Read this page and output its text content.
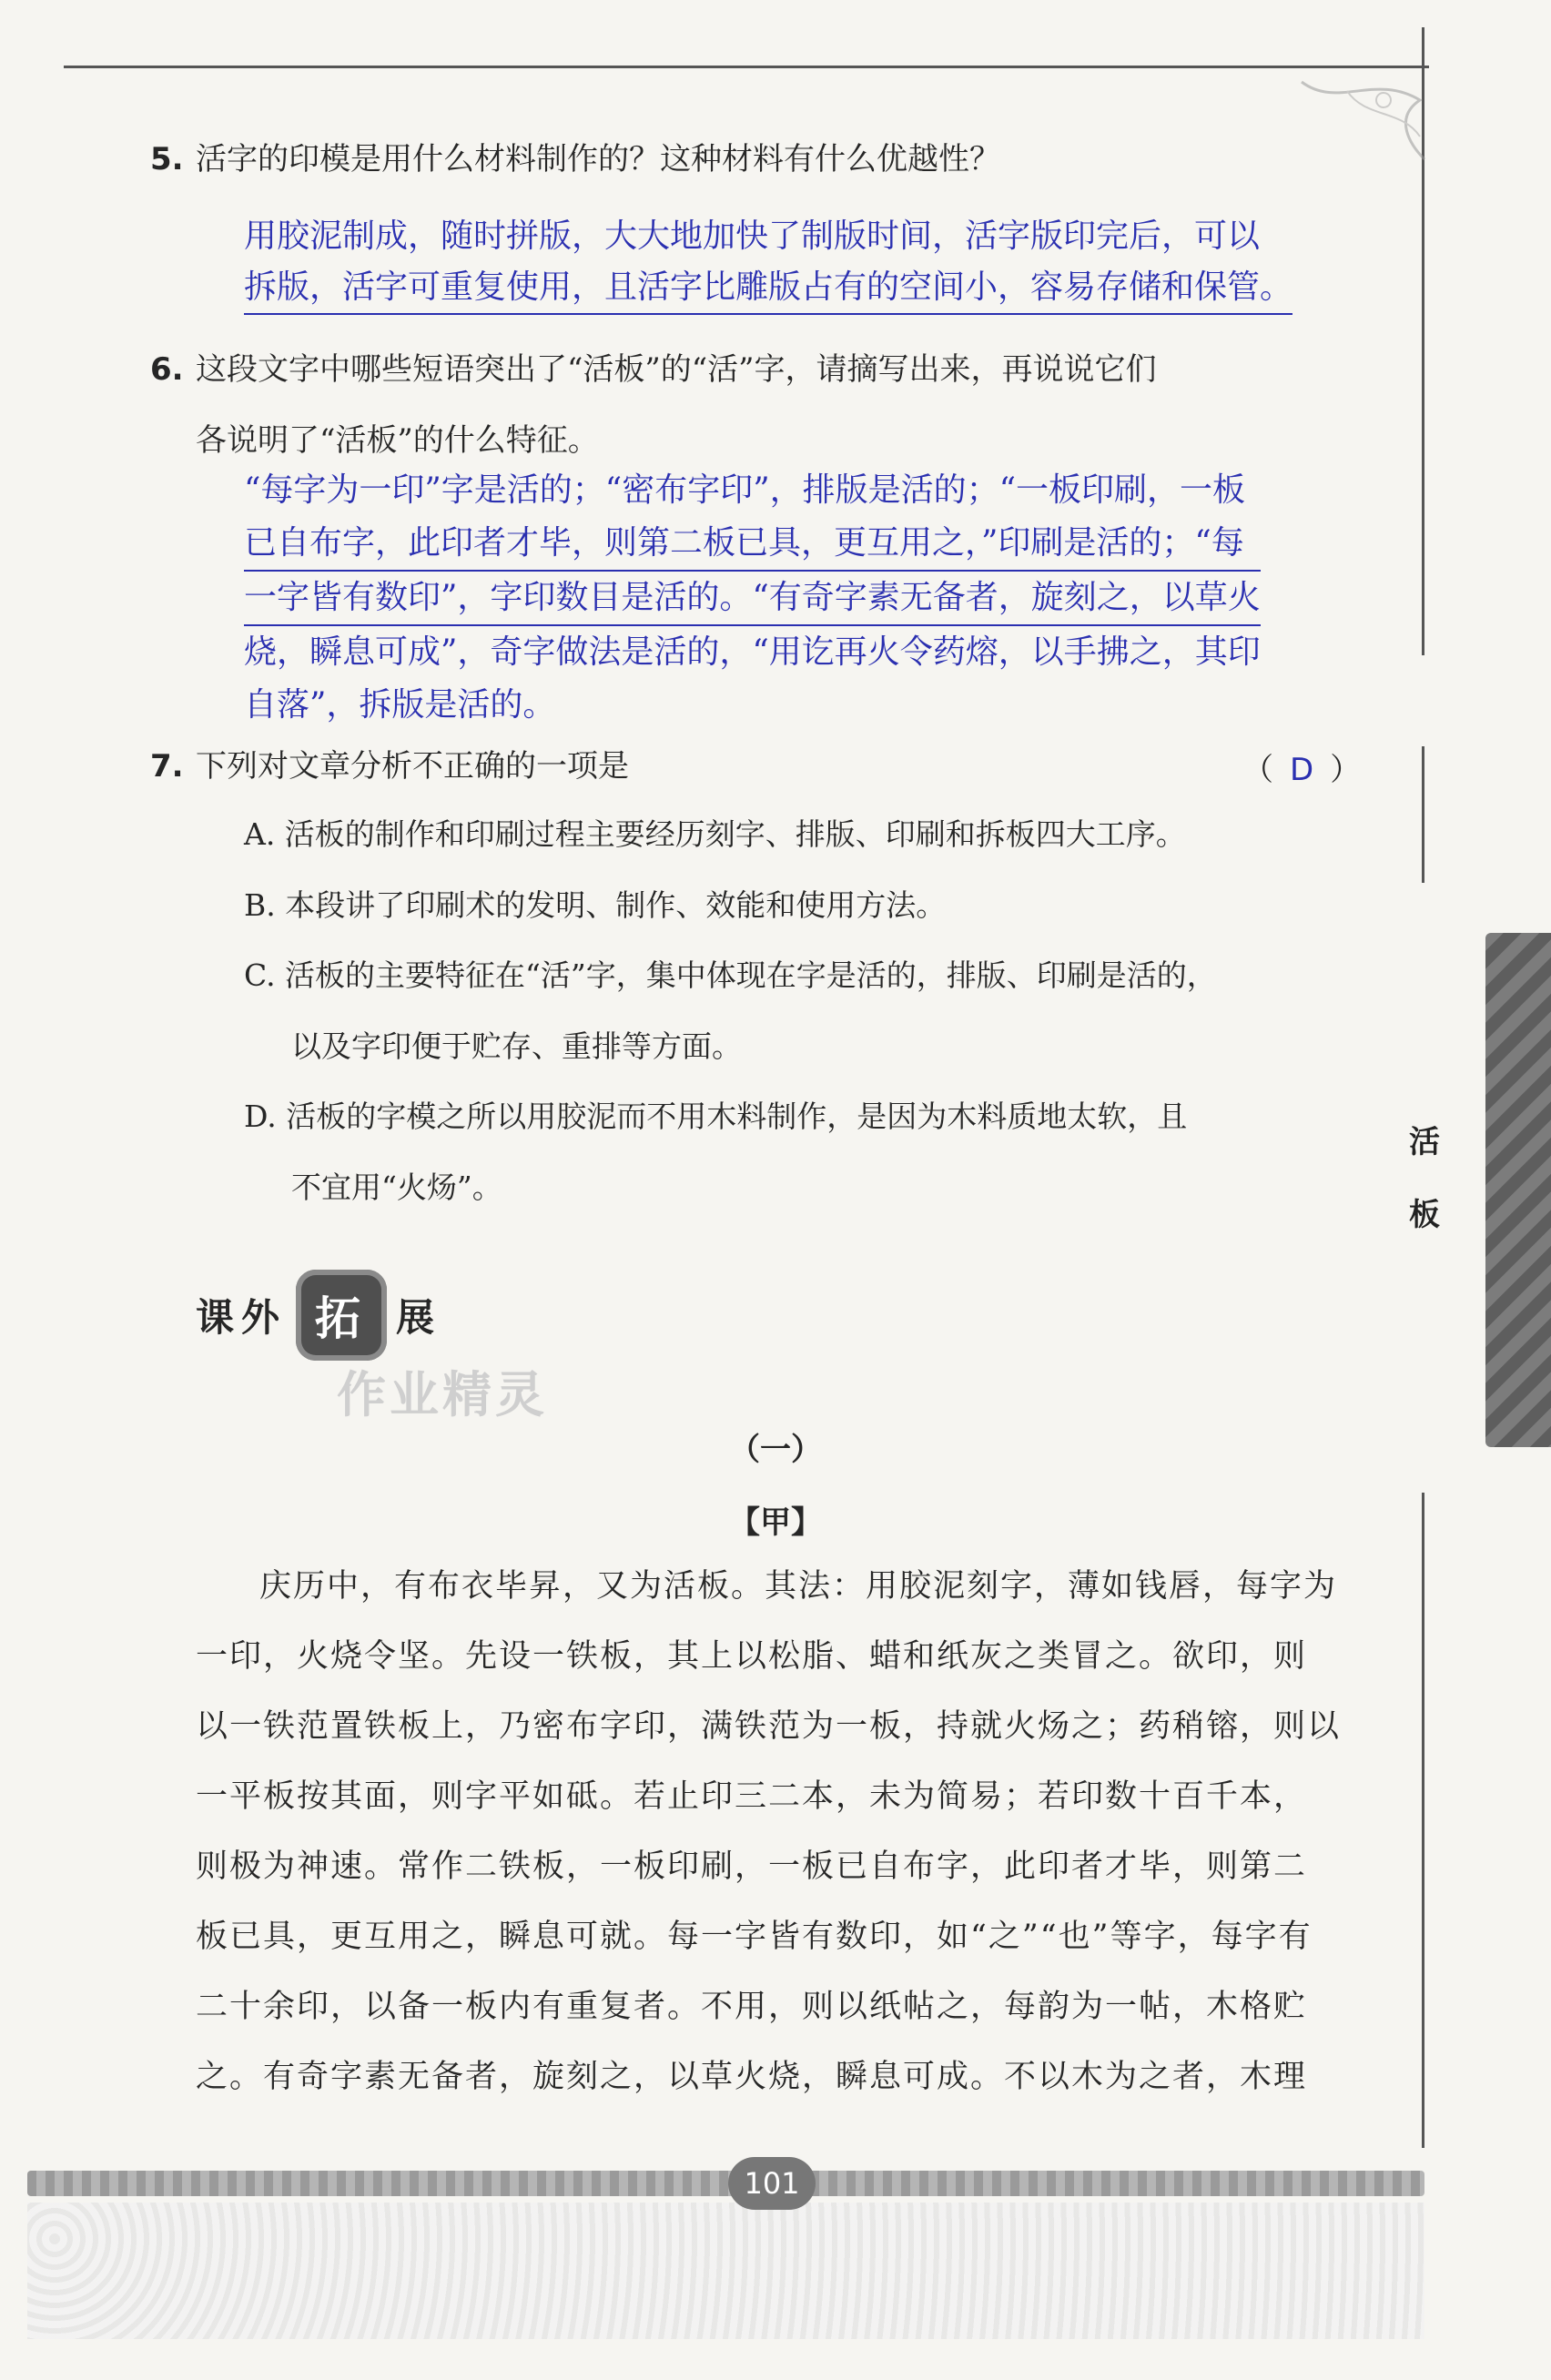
活
板
5. 活字的印模是用什么材料制作的？这种材料有什么优越性？
用胶泥制成，随时拼版，大大地加快了制版时间，活字版印完后，可以
拆版，活字可重复使用，且活字比雕版占有的空间小，容易存储和保管。
6. 这段文字中哪些短语突出了“活板”的“活”字，请摘写出来，再说说它们
各说明了“活板”的什么特征。
“每字为一印”字是活的；“密布字印”，排版是活的；“一板印刷，一板
已自布字，此印者才毕，则第二板已具，更互用之，”印刷是活的；“每
一字皆有数印”，字印数目是活的。“有奇字素无备者，旋刻之，以草火
烧，瞬息可成”，奇字做法是活的，“用讫再火令药熔，以手拂之，其印
自落”，拆版是活的。
7. 下列对文章分析不正确的一项是	（ D ）
A. 活板的制作和印刷过程主要经历刻字、排版、印刷和拆板四大工序。
B. 本段讲了印刷术的发明、制作、效能和使用方法。
C. 活板的主要特征在“活”字，集中体现在字是活的，排版、印刷是活的，
以及字印便于贮存、重排等方面。
D. 活板的字模之所以用胶泥而不用木料制作，是因为木料质地太软，且
不宜用“火炀”。
课外 拓 展
作业精灵
（一）
【甲】
庆历中，有布衣毕昇，又为活板。其法：用胶泥刻字，薄如钱唇，每字为
一印，火烧令坚。先设一铁板，其上以松脂、蜡和纸灰之类冒之。欲印，则
以一铁范置铁板上，乃密布字印，满铁范为一板，持就火炀之；药稍镕，则以
一平板按其面，则字平如砥。若止印三二本，未为简易；若印数十百千本，
则极为神速。常作二铁板，一板印刷，一板已自布字，此印者才毕，则第二
板已具，更互用之，瞬息可就。每一字皆有数印，如“之”“也”等字，每字有
二十余印，以备一板内有重复者。不用，则以纸帖之，每韵为一帖，木格贮
之。有奇字素无备者，旋刻之，以草火烧，瞬息可成。不以木为之者，木理
101
